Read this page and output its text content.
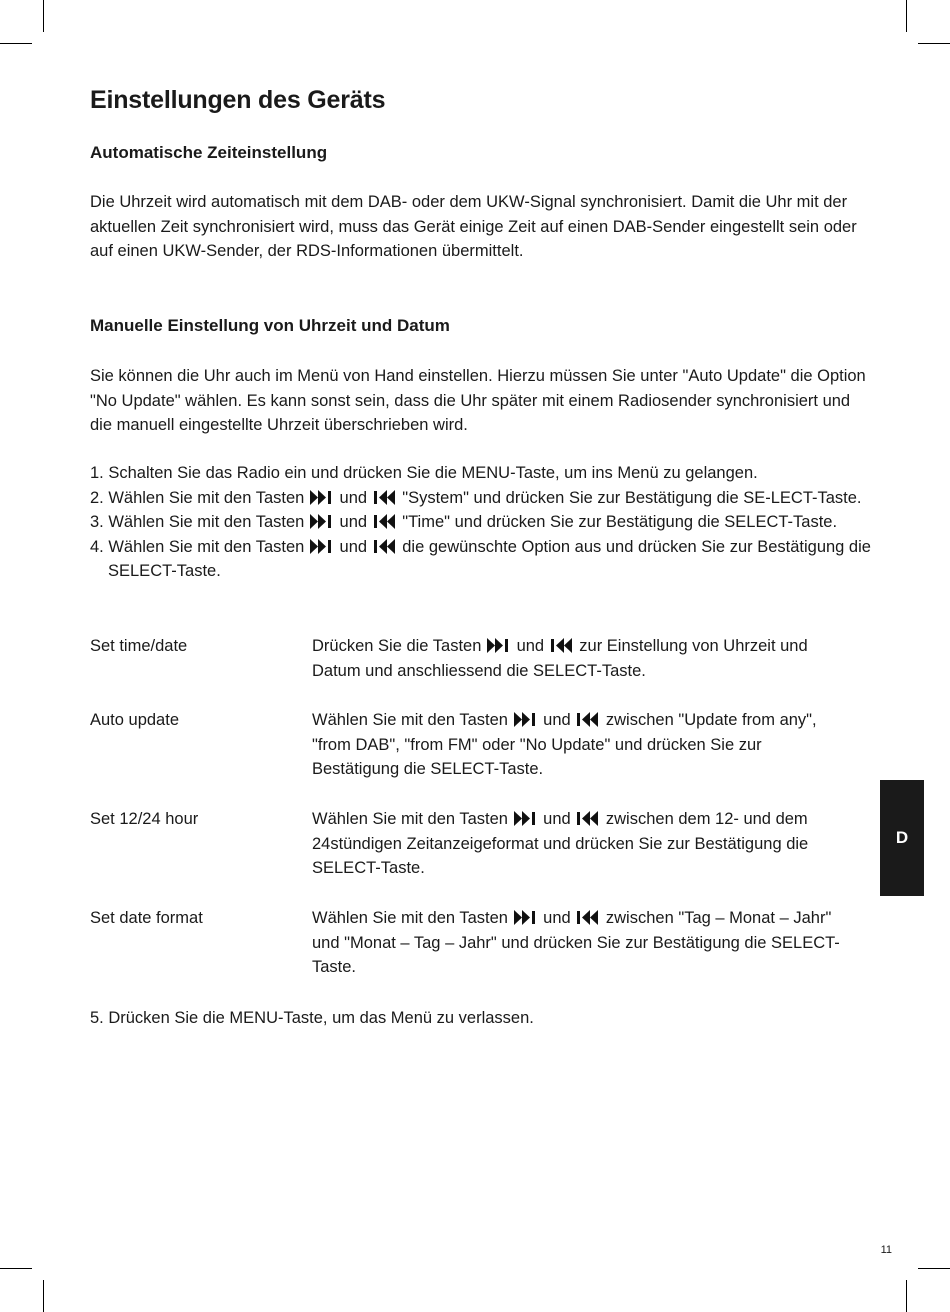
Einstellungen des Geräts
Automatische Zeiteinstellung

Die Uhrzeit wird automatisch mit dem DAB- oder dem UKW-Signal synchronisiert. Damit die Uhr mit der aktuellen Zeit synchronisiert wird, muss das Gerät einige Zeit auf einen DAB-Sender eingestellt sein oder auf einen UKW-Sender, der RDS-Informationen übermittelt.

Manuelle Einstellung von Uhrzeit und Datum

Sie können die Uhr auch im Menü von Hand einstellen. Hierzu müssen Sie unter "Auto Update" die Option "No Update" wählen. Es kann sonst sein, dass die Uhr später mit einem Radiosender synchronisiert und die manuell eingestellte Uhrzeit überschrieben wird.

1. Schalten Sie das Radio ein und drücken Sie die MENU-Taste, um ins Menü zu gelangen.
2. Wählen Sie mit den Tasten und "System" und drücken Sie zur Bestätigung die SE-LECT-Taste.
3. Wählen Sie mit den Tasten und "Time" und drücken Sie zur Bestätigung die SELECT-Taste.
4. Wählen Sie mit den Tasten und die gewünschte Option aus und drücken Sie zur Bestätigung die SELECT-Taste.
Set time/date	Drücken Sie die Tasten und zur Einstellung von Uhrzeit und Datum und anschliessend die SELECT-Taste.
Auto update	Wählen Sie mit den Tasten und zwischen "Update from any", "from DAB", "from FM" oder "No Update" und drücken Sie zur Bestätigung die SELECT-Taste.
Set 12/24 hour	Wählen Sie mit den Tasten und zwischen dem 12- und dem 24stündigen Zeitanzeigeformat und drücken Sie zur Bestätigung die SELECT-Taste.
Set date format	Wählen Sie mit den Tasten und zwischen "Tag – Monat – Jahr" und "Monat – Tag – Jahr" und drücken Sie zur Bestätigung die SELECT-Taste.

5. Drücken Sie die MENU-Taste, um das Menü zu verlassen.

D
11
